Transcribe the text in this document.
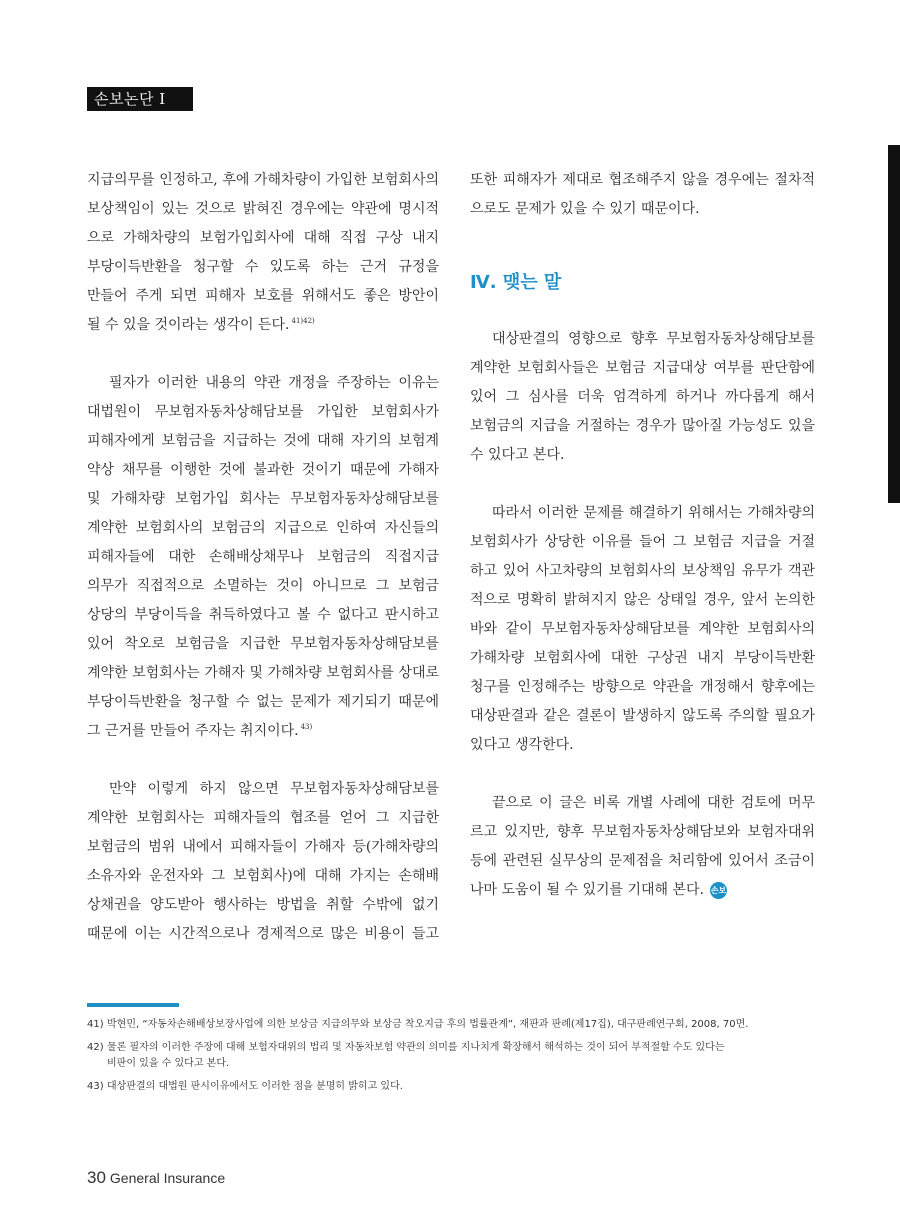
손보논단 Ⅰ

지급의무를 인정하고, 후에 가해차량이 가입한 보험회사의

보상책임이 있는 것으로 밝혀진 경우에는 약관에 명시적

으로 가해차량의 보험가입회사에 대해 직접 구상 내지

부당이득반환을 청구할 수 있도록 하는 근거 규정을

만들어 주게 되면 피해자 보호를 위해서도 좋은 방안이

될 수 있을 것이라는 생각이 든다. $^{41)42)}$

필자가 이러한 내용의 약관 개정을 주장하는 이유는

대법원이 무보험자동차상해담보를 가입한 보험회사가

피해자에게 보험금을 지급하는 것에 대해 자기의 보험계

약상 채무를 이행한 것에 불과한 것이기 때문에 가해자

및 가해차량 보험가입 회사는 무보험자동차상해담보를

계약한 보험회사의 보험금의 지급으로 인하여 자신들의

피해자들에 대한 손해배상채무나 보험금의 직접지급

의무가 직접적으로 소멸하는 것이 아니므로 그 보험금

상당의 부당이득을 취득하였다고 볼 수 없다고 판시하고

있어 착오로 보험금을 지급한 무보험자동차상해담보를

계약한 보험회사는 가해자 및 가해차량 보험회사를 상대로

부당이득반환을 청구할 수 없는 문제가 제기되기 때문에

그 근거를 만들어 주자는 취지이다. $^{43)}$

만약 이렇게 하지 않으면 무보험자동차상해담보를

계약한 보험회사는 피해자들의 협조를 얻어 그 지급한

보험금의 범위 내에서 피해자들이 가해자 등(가해차량의

소유자와 운전자와 그 보험회사)에 대해 가지는 손해배

상채권을 양도받아 행사하는 방법을 취할 수밖에 없기

때문에 이는 시간적으로나 경제적으로 많은 비용이 들고

또한 피해자가 제대로 협조해주지 않을 경우에는 절차적

으로도 문제가 있을 수 있기 때문이다.

Ⅳ. 맺는 말

대상판결의 영향으로 향후 무보험자동차상해담보를

계약한 보험회사들은 보험금 지급대상 여부를 판단함에

있어 그 심사를 더욱 엄격하게 하거나 까다롭게 해서

보험금의 지급을 거절하는 경우가 많아질 가능성도 있을

수 있다고 본다.

따라서 이러한 문제를 해결하기 위해서는 가해차량의

보험회사가 상당한 이유를 들어 그 보험금 지급을 거절

하고 있어 사고차량의 보험회사의 보상책임 유무가 객관

적으로 명확히 밝혀지지 않은 상태일 경우, 앞서 논의한

바와 같이 무보험자동차상해담보를 계약한 보험회사의

가해차량 보험회사에 대한 구상권 내지 부당이득반환

청구를 인정해주는 방향으로 약관을 개정해서 향후에는

대상판결과 같은 결론이 발생하지 않도록 주의할 필요가

있다고 생각한다.

끝으로 이 글은 비록 개별 사례에 대한 검토에 머무

르고 있지만, 향후 무보험자동차상해담보와 보험자대위

등에 관련된 실무상의 문제점을 처리함에 있어서 조금이

나마 도움이 될 수 있기를 기대해 본다. 손보

41) 박현민, “자동차손해배상보장사업에 의한 보상금 지급의무와 보상금 착오지급 후의 법률관계”, 재판과 판례(제17집), 대구판례연구회, 2008, 70면.
42) 물론 필자의 이러한 주장에 대해 보험자대위의 법리 및 자동차보험 약관의 의미를 지나치게 확장해서 해석하는 것이 되어 부적절할 수도 있다는
비판이 있을 수 있다고 본다.
43) 대상판결의 대법원 판시이유에서도 이러한 점을 분명히 밝히고 있다.
30 General Insurance
